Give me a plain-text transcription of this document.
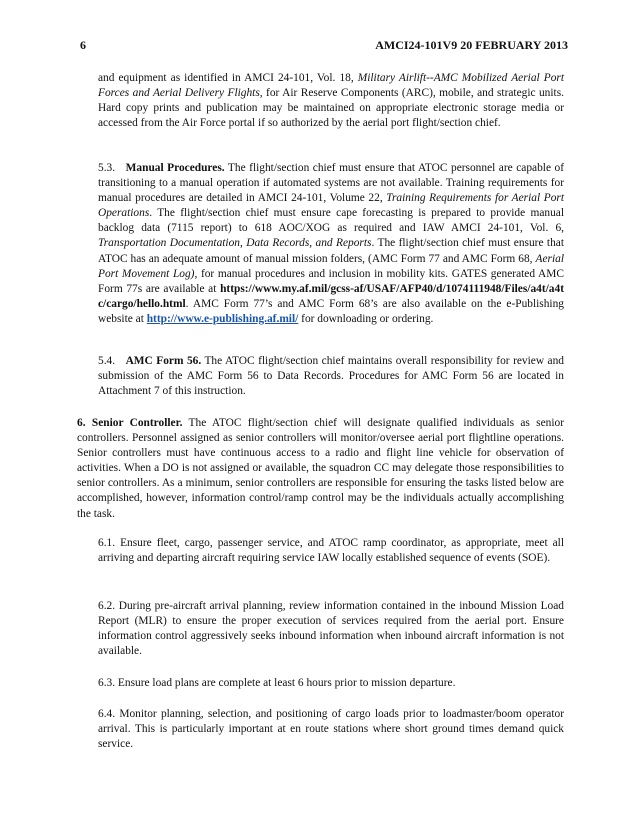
6	AMCI24-101V9 20 FEBRUARY 2013

and equipment as identified in AMCI 24-101, Vol. 18, Military Airlift--AMC Mobilized Aerial Port Forces and Aerial Delivery Flights, for Air Reserve Components (ARC), mobile, and strategic units. Hard copy prints and publication may be maintained on appropriate electronic storage media or accessed from the Air Force portal if so authorized by the aerial port flight/section chief.

5.3. Manual Procedures. The flight/section chief must ensure that ATOC personnel are capable of transitioning to a manual operation if automated systems are not available. Training requirements for manual procedures are detailed in AMCI 24-101, Volume 22, Training Requirements for Aerial Port Operations. The flight/section chief must ensure cape forecasting is prepared to provide manual backlog data (7115 report) to 618 AOC/XOG as required and IAW AMCI 24-101, Vol. 6, Transportation Documentation, Data Records, and Reports. The flight/section chief must ensure that ATOC has an adequate amount of manual mission folders, (AMC Form 77 and AMC Form 68, Aerial Port Movement Log), for manual procedures and inclusion in mobility kits. GATES generated AMC Form 77s are available at https://www.my.af.mil/gcss-af/USAF/AFP40/d/1074111948/Files/a4t/a4tc/cargo/hello.html. AMC Form 77’s and AMC Form 68’s are also available on the e-Publishing website at http://www.e-publishing.af.mil/ for downloading or ordering.

5.4. AMC Form 56. The ATOC flight/section chief maintains overall responsibility for review and submission of the AMC Form 56 to Data Records. Procedures for AMC Form 56 are located in Attachment 7 of this instruction.

6. Senior Controller. The ATOC flight/section chief will designate qualified individuals as senior controllers. Personnel assigned as senior controllers will monitor/oversee aerial port flightline operations. Senior controllers must have continuous access to a radio and flight line vehicle for observation of activities. When a DO is not assigned or available, the squadron CC may delegate those responsibilities to senior controllers. As a minimum, senior controllers are responsible for ensuring the tasks listed below are accomplished, however, information control/ramp control may be the individuals actually accomplishing the task.

6.1. Ensure fleet, cargo, passenger service, and ATOC ramp coordinator, as appropriate, meet all arriving and departing aircraft requiring service IAW locally established sequence of events (SOE).

6.2. During pre-aircraft arrival planning, review information contained in the inbound Mission Load Report (MLR) to ensure the proper execution of services required from the aerial port. Ensure information control aggressively seeks inbound information when inbound aircraft information is not available.

6.3. Ensure load plans are complete at least 6 hours prior to mission departure.

6.4. Monitor planning, selection, and positioning of cargo loads prior to loadmaster/boom operator arrival. This is particularly important at en route stations where short ground times demand quick service.
